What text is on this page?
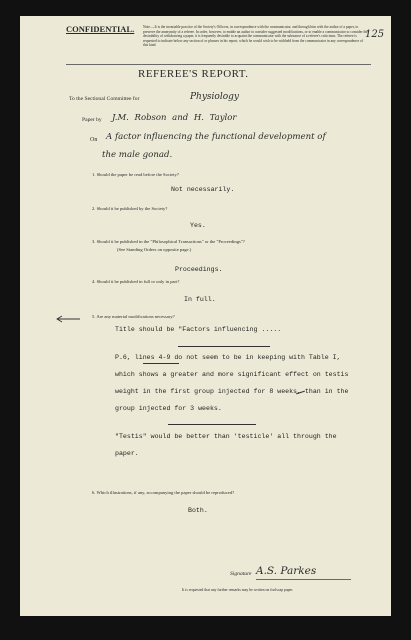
CONFIDENTIAL. Note.—It is the invariable practice of the Society's Officers, in correspondence with the communicator, and through him with the author of a paper, to preserve the anonymity of a referee. In order, however, to enable an author to consider suggested modifications, or to enable a communicator to consider the desirability of withdrawing a paper, it is frequently desirable to acquaint the communicator with the substance of a referee's criticisms. The referee is requested to indicate below any section of or phrases in his report, which he would wish to be withheld from the communicator in any correspondence of this kind.
125
REFEREE'S REPORT.
To the Sectional Committee for	Physiology
Paper by J.M. Robson and H. Taylor
On A factor influencing the functional development of
the male gonad.
1. Should the paper be read before the Society?
Not necessarily.
2. Should it be published by the Society?
Yes.
3. Should it be published in the "Philosophical Transactions" or the "Proceedings"?
(See Standing Orders on opposite page.)
Proceedings.
4. Should it be published in full or only in part?
In full.
5. Are any material modifications necessary?
Title should be "Factors influencing .....
P.6, lines 4-9 do not seem to be in keeping with Table I,
which shows a greater and more significant effect on testis
weight in the first group injected for 8 weeks, than in the
group injected for 3 weeks.
"Testis" would be better than 'testicle' all through the
paper.
6. Which illustrations, if any, accompanying the paper should be reproduced?
Both.
Signature A.S. Parkes
It is requested that any further remarks may be written on foolscap paper.
